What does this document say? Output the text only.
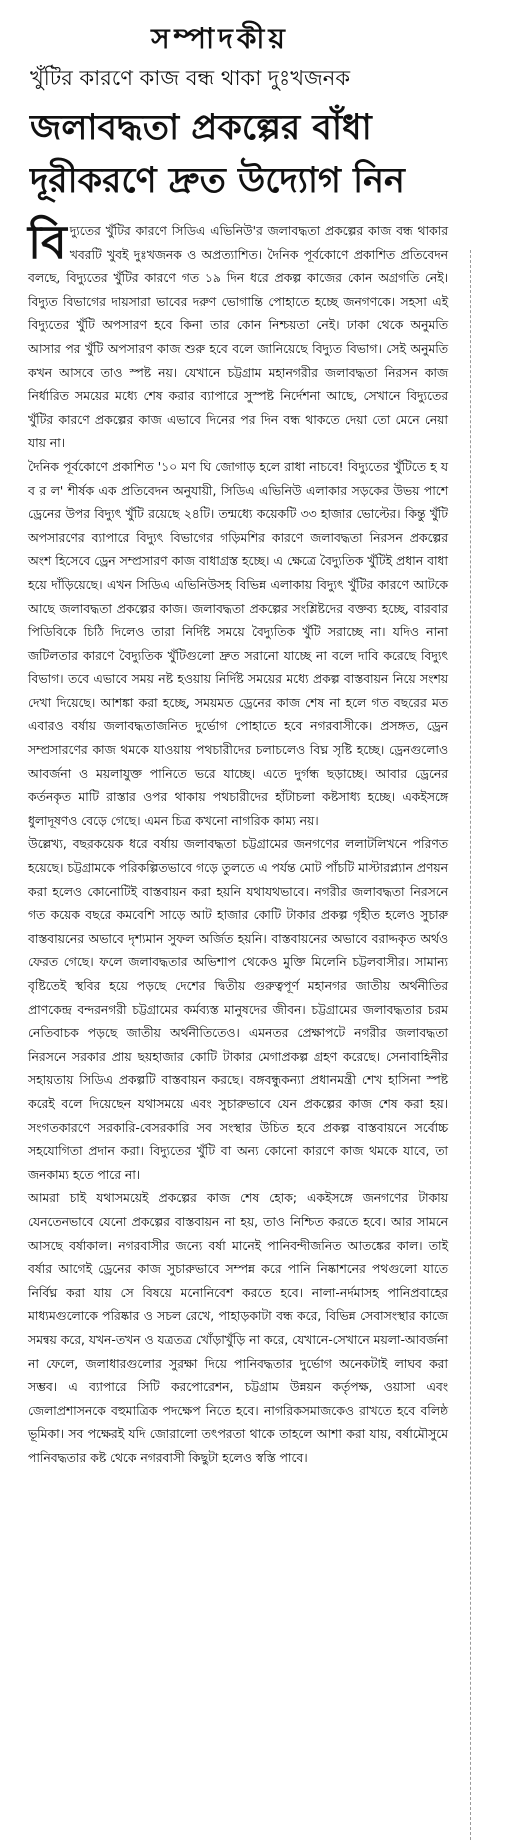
সম্পাদকীয়
খুঁটির কারণে কাজ বন্ধ থাকা দুঃখজনক
জলাবদ্ধতা প্রকল্পের বাঁধা
দূরীকরণে দ্রুত উদ্যোগ নিন

বিদ্যুতের খুঁটির কারণে সিডিএ এভিনিউ'র জলাবদ্ধতা প্রকল্পের কাজ বন্ধ থাকার খবরটি খুবই দুঃখজনক ও অপ্রত্যাশিত। দৈনিক পূর্বকোণে প্রকাশিত প্রতিবেদন বলছে, বিদ্যুতের খুঁটির কারণে গত ১৯ দিন ধরে প্রকল্প কাজের কোন অগ্রগতি নেই। বিদ্যুত বিভাগের দায়সারা ভাবের দরুণ ভোগান্তি পোহাতে হচ্ছে জনগণকে। সহসা এই বিদ্যুতের খুঁটি অপসারণ হবে কিনা তার কোন নিশ্চয়তা নেই। ঢাকা থেকে অনুমতি আসার পর খুঁটি অপসারণ কাজ শুরু হবে বলে জানিয়েছে বিদ্যুত বিভাগ। সেই অনুমতি কখন আসবে তাও স্পষ্ট নয়। যেখানে চট্টগ্রাম মহানগরীর জলাবদ্ধতা নিরসন কাজ নির্ধারিত সময়ের মধ্যে শেষ করার ব্যাপারে সুস্পষ্ট নির্দেশনা আছে, সেখানে বিদ্যুতের খুঁটির কারণে প্রকল্পের কাজ এভাবে দিনের পর দিন বন্ধ থাকতে দেয়া তো মেনে নেয়া যায় না।

দৈনিক পূর্বকোণে প্রকাশিত '১০ মণ ঘি জোগাড় হলে রাধা নাচবে! বিদ্যুতের খুঁটিতে হ য ব র ল' শীর্ষক এক প্রতিবেদন অনুযায়ী, সিডিএ এভিনিউ এলাকার সড়কের উভয় পাশে ড্রেনের উপর বিদ্যুৎ খুঁটি রয়েছে ২৪টি। তন্মধ্যে কয়েকটি ৩৩ হাজার ভোল্টের। কিন্তু খুঁটি অপসারণের ব্যাপারে বিদ্যুৎ বিভাগের গড়িমশির কারণে জলাবদ্ধতা নিরসন প্রকল্পের অংশ হিসেবে ড্রেন সম্প্রসারণ কাজ বাধাগ্রস্ত হচ্ছে। এ ক্ষেত্রে বৈদ্যুতিক খুঁটিই প্রধান বাধা হয়ে দাঁড়িয়েছে। এখন সিডিএ এভিনিউসহ বিভিন্ন এলাকায় বিদ্যুৎ খুঁটির কারণে আটকে আছে জলাবদ্ধতা প্রকল্পের কাজ। জলাবদ্ধতা প্রকল্পের সংশ্লিষ্টদের বক্তব্য হচ্ছে, বারবার পিডিবিকে চিঠি দিলেও তারা নির্দিষ্ট সময়ে বৈদ্যুতিক খুঁটি সরাচ্ছে না। যদিও নানা জটিলতার কারণে বৈদ্যুতিক খুঁটিগুলো দ্রুত সরানো যাচ্ছে না বলে দাবি করেছে বিদ্যুৎ বিভাগ। তবে এভাবে সময় নষ্ট হওয়ায় নির্দিষ্ট সময়ের মধ্যে প্রকল্প বাস্তবায়ন নিয়ে সংশয় দেখা দিয়েছে। আশঙ্কা করা হচ্ছে, সময়মত ড্রেনের কাজ শেষ না হলে গত বছরের মত এবারও বর্ষায় জলাবদ্ধতাজনিত দুর্ভোগ পোহাতে হবে নগরবাসীকে। প্রসঙ্গত, ড্রেন সম্প্রসারণের কাজ থমকে যাওয়ায় পথচারীদের চলাচলেও বিঘ্ন সৃষ্টি হচ্ছে। ড্রেনগুলোও আবর্জনা ও ময়লাযুক্ত পানিতে ভরে যাচ্ছে। এতে দুর্গন্ধ ছড়াচ্ছে। আবার ড্রেনের কর্তনকৃত মাটি রাস্তার ওপর থাকায় পথচারীদের হাঁটাচলা কষ্টসাধ্য হচ্ছে। একইসঙ্গে ধুলাদূষণও বেড়ে গেছে। এমন চিত্র কখনো নাগরিক কাম্য নয়।

উল্লেখ্য, বছরকয়েক ধরে বর্ষায় জলাবদ্ধতা চট্টগ্রামের জনগণের ললাটলিখনে পরিণত হয়েছে। চট্টগ্রামকে পরিকল্পিতভাবে গড়ে তুলতে এ পর্যন্ত মোট পাঁচটি মাস্টারপ্ল্যান প্রণয়ন করা হলেও কোনোটিই বাস্তবায়ন করা হয়নি যথাযথভাবে। নগরীর জলাবদ্ধতা নিরসনে গত কয়েক বছরে কমবেশি সাড়ে আট হাজার কোটি টাকার প্রকল্প গৃহীত হলেও সুচারু বাস্তবায়নের অভাবে দৃশ্যমান সুফল অর্জিত হয়নি। বাস্তবায়নের অভাবে বরাদ্দকৃত অর্থও ফেরত গেছে। ফলে জলাবদ্ধতার অভিশাপ থেকেও মুক্তি মিলেনি চট্টলবাসীর। সামান্য বৃষ্টিতেই স্থবির হয়ে পড়ছে দেশের দ্বিতীয় গুরুত্বপূর্ণ মহানগর জাতীয় অর্থনীতির প্রাণকেন্দ্র বন্দরনগরী চট্টগ্রামের কর্মব্যস্ত মানুষদের জীবন। চট্টগ্রামের জলাবদ্ধতার চরম নেতিবাচক পড়ছে জাতীয় অর্থনীতিতেও। এমনতর প্রেক্ষাপটে নগরীর জলাবদ্ধতা নিরসনে সরকার প্রায় ছয়হাজার কোটি টাকার মেগাপ্রকল্প গ্রহণ করেছে। সেনাবাহিনীর সহায়তায় সিডিএ প্রকল্পটি বাস্তবায়ন করছে। বঙ্গবন্ধুকন্যা প্রধানমন্ত্রী শেখ হাসিনা স্পষ্ট করেই বলে দিয়েছেন যথাসময়ে এবং সুচারুভাবে যেন প্রকল্পের কাজ শেষ করা হয়। সংগতকারণে সরকারি-বেসরকারি সব সংস্থার উচিত হবে প্রকল্প বাস্তবায়নে সর্বোচ্চ সহযোগিতা প্রদান করা। বিদ্যুতের খুঁটি বা অন্য কোনো কারণে কাজ থমকে যাবে, তা জনকাম্য হতে পারে না।

আমরা চাই যথাসময়েই প্রকল্পের কাজ শেষ হোক; একইসঙ্গে জনগণের টাকায় যেনতেনভাবে যেনো প্রকল্পের বাস্তবায়ন না হয়, তাও নিশ্চিত করতে হবে। আর সামনে আসছে বর্ষাকাল। নগরবাসীর জন্যে বর্ষা মানেই পানিবন্দীজনিত আতঙ্কের কাল। তাই বর্ষার আগেই ড্রেনের কাজ সুচারুভাবে সম্পন্ন করে পানি নিষ্কাশনের পথগুলো যাতে নির্বিঘ্ন করা যায় সে বিষয়ে মনোনিবেশ করতে হবে। নালা-নর্দমাসহ পানিপ্রবাহের মাধ্যমগুলোকে পরিষ্কার ও সচল রেখে, পাহাড়কাটা বন্ধ করে, বিভিন্ন সেবাসংস্থার কাজে সমন্বয় করে, যখন-তখন ও যত্রতত্র খোঁড়াখুঁড়ি না করে, যেখানে-সেখানে ময়লা-আবর্জনা না ফেলে, জলাধারগুলোর সুরক্ষা দিয়ে পানিবদ্ধতার দুর্ভোগ অনেকটাই লাঘব করা সম্ভব। এ ব্যাপারে সিটি করপোরেশন, চট্টগ্রাম উন্নয়ন কর্তৃপক্ষ, ওয়াসা এবং জেলাপ্রশাসনকে বহুমাত্রিক পদক্ষেপ নিতে হবে। নাগরিকসমাজকেও রাখতে হবে বলিষ্ঠ ভূমিকা। সব পক্ষেরই যদি জোরালো তৎপরতা থাকে তাহলে আশা করা যায়, বর্ষামৌসুমে পানিবদ্ধতার কষ্ট থেকে নগরবাসী কিছুটা হলেও স্বস্তি পাবে।
